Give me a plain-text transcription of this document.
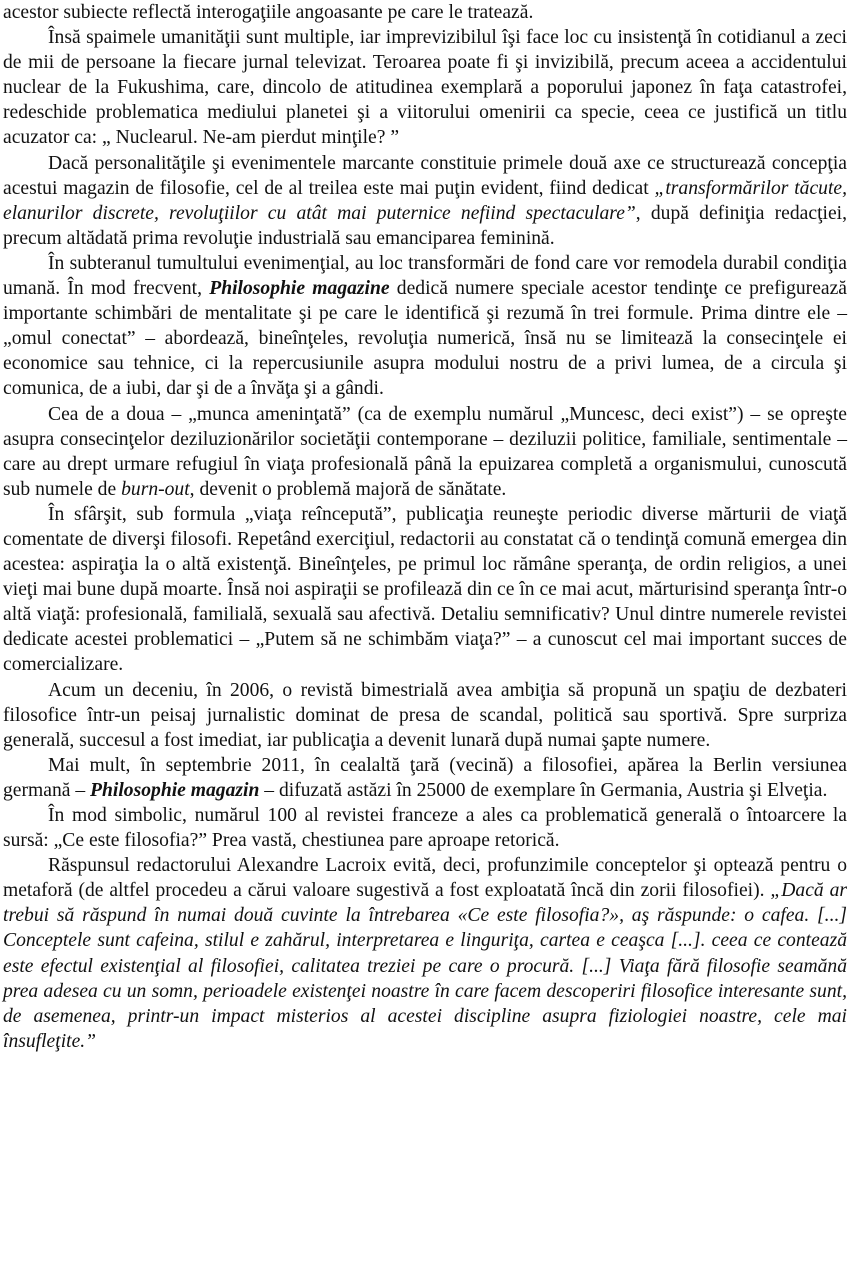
acestor subiecte reflectă interogaţiile angoasante pe care le tratează.

Însă spaimele umanităţii sunt multiple, iar imprevizibilul îşi face loc cu insistenţă în cotidianul a zeci de mii de persoane la fiecare jurnal televizat. Teroarea poate fi şi invizibilă, precum aceea a accidentului nuclear de la Fukushima, care, dincolo de atitudinea exemplară a poporului japonez în faţa catastrofei, redeschide problematica mediului planetei şi a viitorului omenirii ca specie, ceea ce justifică un titlu acuzator ca: „ Nuclearul. Ne-am pierdut minţile? ”

Dacă personalităţile şi evenimentele marcante constituie primele două axe ce structurează concepţia acestui magazin de filosofie, cel de al treilea este mai puţin evident, fiind dedicat „transformărilor tăcute, elanurilor discrete, revoluţiilor cu atât mai puternice nefiind spectaculare”, după definiţia redacţiei, precum altădată prima revoluţie industrială sau emanciparea feminină.

În subteranul tumultului evenimenţial, au loc transformări de fond care vor remodela durabil condiţia umană. În mod frecvent, Philosophie magazine dedică numere speciale acestor tendinţe ce prefigurează importante schimbări de mentalitate şi pe care le identifică şi rezumă în trei formule. Prima dintre ele – „omul conectat” – abordează, bineînţeles, revoluţia numerică, însă nu se limitează la consecinţele ei economice sau tehnice, ci la repercusiunile asupra modului nostru de a privi lumea, de a circula şi comunica, de a iubi, dar şi de a învăţa şi a gândi.

Cea de a doua – „munca ameninţată” (ca de exemplu numărul „Muncesc, deci exist”) – se opreşte asupra consecinţelor deziluzionărilor societăţii contemporane – deziluzii politice, familiale, sentimentale – care au drept urmare refugiul în viaţa profesională până la epuizarea completă a organismului, cunoscută sub numele de burn-out, devenit o problemă majoră de sănătate.

În sfârşit, sub formula „viaţa reîncepută”, publicaţia reuneşte periodic diverse mărturii de viaţă comentate de diverşi filosofi. Repetând exerciţiul, redactorii au constatat că o tendinţă comună emergea din acestea: aspiraţia la o altă existenţă. Bineînţeles, pe primul loc rămâne speranţa, de ordin religios, a unei vieţi mai bune după moarte. Însă noi aspiraţii se profilează din ce în ce mai acut, mărturisind speranţa într-o altă viaţă: profesională, familială, sexuală sau afectivă. Detaliu semnificativ? Unul dintre numerele revistei dedicate acestei problematici – „Putem să ne schimbăm viaţa?” – a cunoscut cel mai important succes de comercializare.

Acum un deceniu, în 2006, o revistă bimestrială avea ambiţia să propună un spaţiu de dezbateri filosofice într-un peisaj jurnalistic dominat de presa de scandal, politică sau sportivă. Spre surpriza generală, succesul a fost imediat, iar publicaţia a devenit lunară după numai şapte numere.

Mai mult, în septembrie 2011, în cealaltă ţară (vecină) a filosofiei, apărea la Berlin versiunea germană – Philosophie magazin – difuzată astăzi în 25000 de exemplare în Germania, Austria şi Elveţia.

În mod simbolic, numărul 100 al revistei franceze a ales ca problematică generală o întoarcere la sursă: „Ce este filosofia?” Prea vastă, chestiunea pare aproape retorică.

Răspunsul redactorului Alexandre Lacroix evită, deci, profunzimile conceptelor şi optează pentru o metaforă (de altfel procedeu a cărui valoare sugestivă a fost exploatată încă din zorii filosofiei). „Dacă ar trebui să răspund în numai două cuvinte la întrebarea «Ce este filosofia?», aş răspunde: o cafea. [...] Conceptele sunt cafeina, stilul e zahărul, interpretarea e linguriţa, cartea e ceaşca [...]. ceea ce contează este efectul existenţial al filosofiei, calitatea treziei pe care o procură. [...] Viaţa fără filosofie seamănă prea adesea cu un somn, perioadele existenţei noastre în care facem descoperiri filosofice interesante sunt, de asemenea, printr-un impact misterios al acestei discipline asupra fiziologiei noastre, cele mai însufleţite.”
